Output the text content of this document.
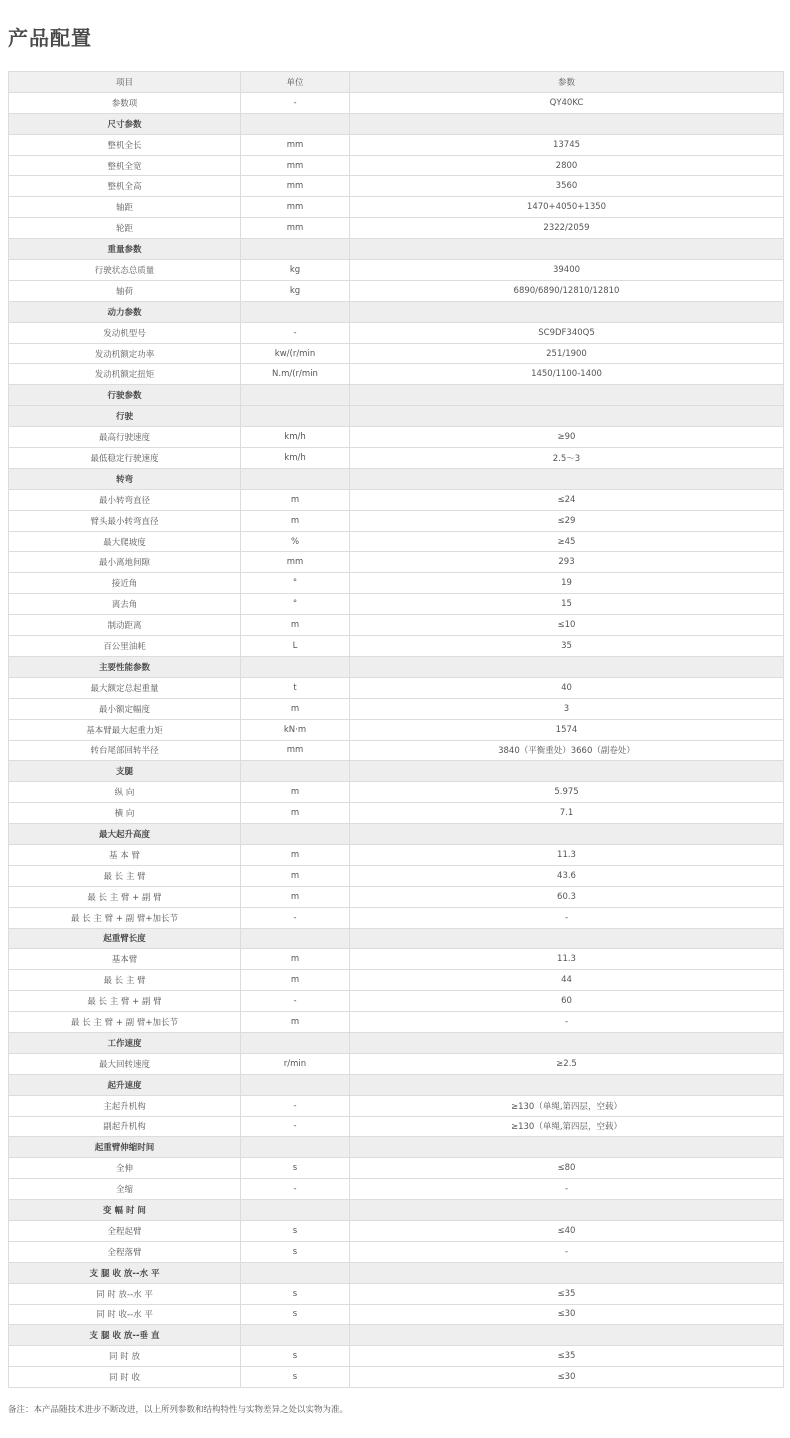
产品配置
项目	单位	参数
参数项	-	QY40KC
尺寸参数		
整机全长	mm	13745
整机全宽	mm	2800
整机全高	mm	3560
轴距	mm	1470+4050+1350
轮距	mm	2322/2059
重量参数		
行驶状态总质量	kg	39400
轴荷	kg	6890/6890/12810/12810
动力参数		
发动机型号	-	SC9DF340Q5
发动机额定功率	kw/(r/min	251/1900
发动机额定扭矩	N.m/(r/min	1450/1100-1400
行驶参数		
行驶		
最高行驶速度	km/h	≥90
最低稳定行驶速度	km/h	2.5～3
转弯		
最小转弯直径	m	≤24
臂头最小转弯直径	m	≤29
最大爬坡度	%	≥45
最小离地间隙	mm	293
接近角	°	19
离去角	°	15
制动距离	m	≤10
百公里油耗	L	35
主要性能参数		
最大额定总起重量	t	40
最小额定幅度	m	3
基本臂最大起重力矩	kN·m	1574
转台尾部回转半径	mm	3840（平衡重处）3660（副卷处）
支腿		
纵 向	m	5.975
横 向	m	7.1
最大起升高度		
基 本 臂	m	11.3
最 长 主 臂	m	43.6
最 长 主 臂 + 副 臂	m	60.3
最 长 主 臂 + 副 臂+加长节	-	-
起重臂长度		
基本臂	m	11.3
最 长 主 臂	m	44
最 长 主 臂 + 副 臂	-	60
最 长 主 臂 + 副 臂+加长节	m	-
工作速度		
最大回转速度	r/min	≥2.5
起升速度		
主起升机构	-	≥130（单绳,第四层，空载）
副起升机构	-	≥130（单绳,第四层，空载）
起重臂伸缩时间		
全伸	s	≤80
全缩	-	-
变 幅 时 间		
全程起臂	s	≤40
全程落臂	s	-
支 腿 收 放--水 平		
同 时 放--水 平	s	≤35
同 时 收--水 平	s	≤30
支 腿 收 放--垂 直		
同 时 放	s	≤35
同 时 收	s	≤30
备注：本产品随技术进步不断改进，以上所列参数和结构特性与实物差异之处以实物为准。
